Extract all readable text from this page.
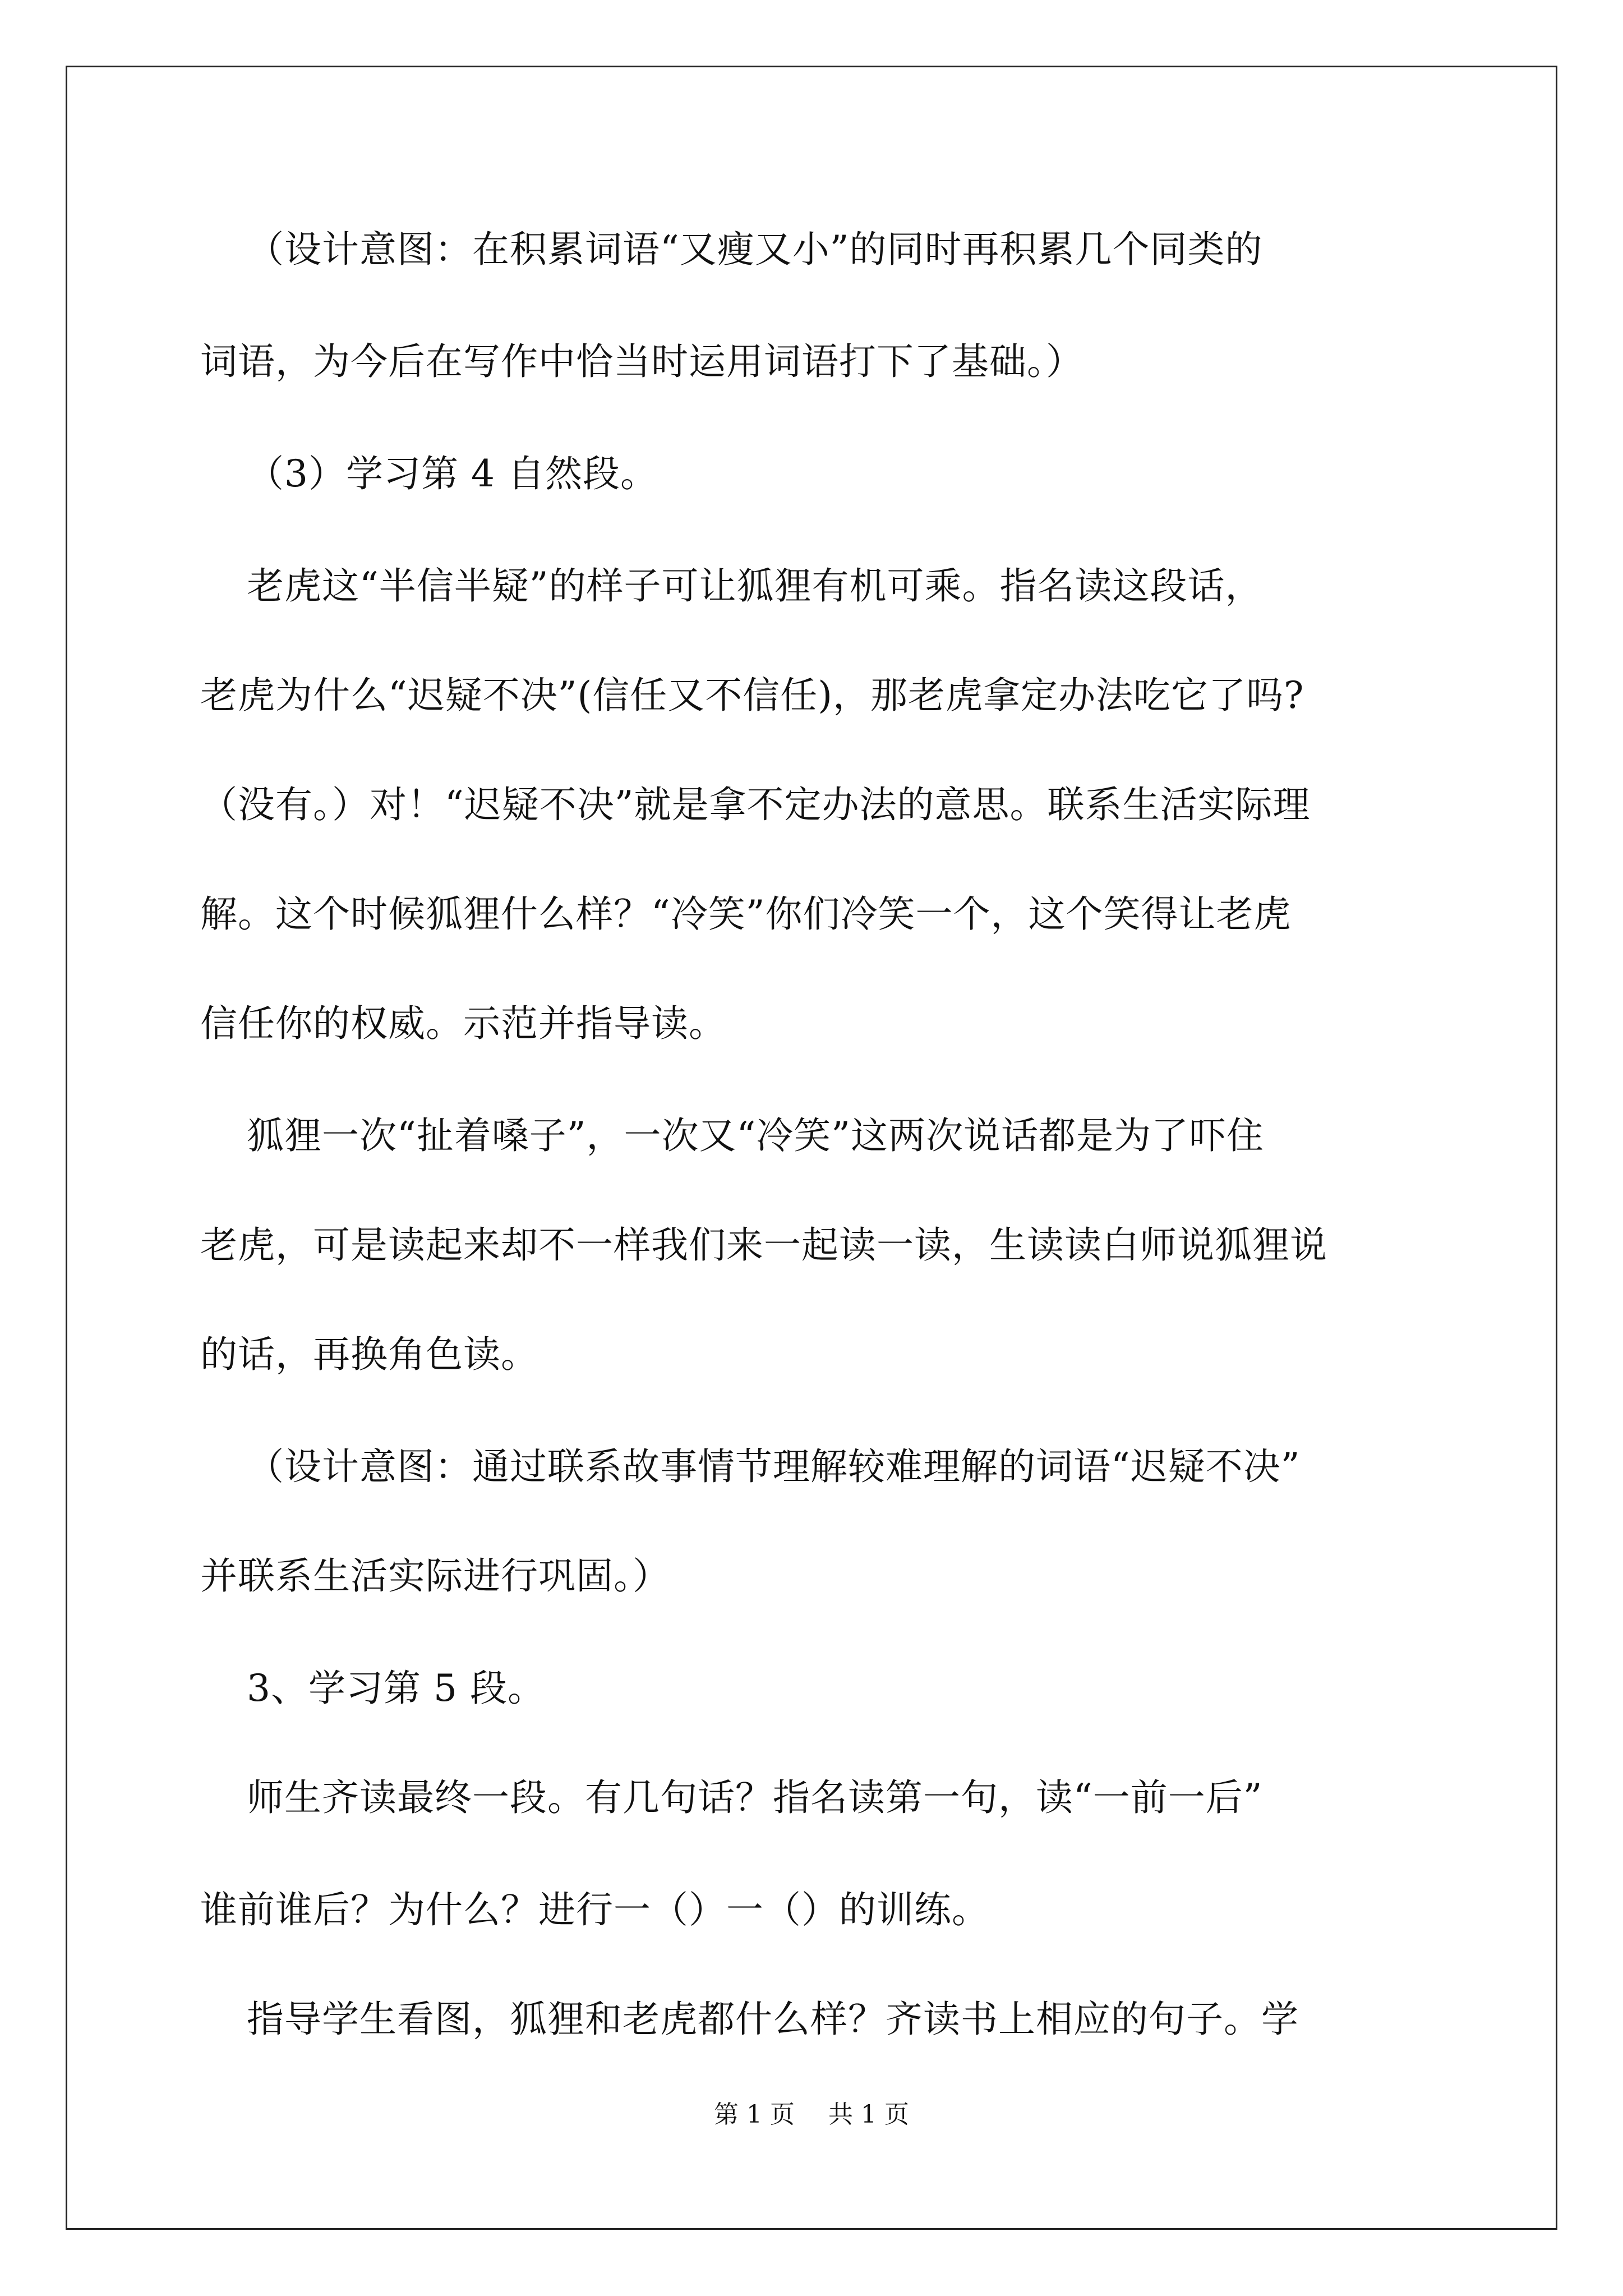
（设计意图：在积累词语“又瘦又小”的同时再积累几个同类的
词语，为今后在写作中恰当时运用词语打下了基础。）
（3）学习第 4 自然段。
老虎这“半信半疑”的样子可让狐狸有机可乘。指名读这段话，
老虎为什么“迟疑不决”(信任又不信任)，那老虎拿定办法吃它了吗?
（没有。）对！“迟疑不决”就是拿不定办法的意思。联系生活实际理
解。这个时候狐狸什么样？“冷笑”你们冷笑一个，这个笑得让老虎
信任你的权威。示范并指导读。
狐狸一次“扯着嗓子”，一次又“冷笑”这两次说话都是为了吓住
老虎，可是读起来却不一样我们来一起读一读，生读读白师说狐狸说
的话，再换角色读。
（设计意图：通过联系故事情节理解较难理解的词语“迟疑不决”
并联系生活实际进行巩固。）
3、学习第 5 段。
师生齐读最终一段。有几句话？指名读第一句，读“一前一后”
谁前谁后？为什么？进行一（）一（）的训练。
指导学生看图，狐狸和老虎都什么样？齐读书上相应的句子。学
第 1 页 共 1 页
